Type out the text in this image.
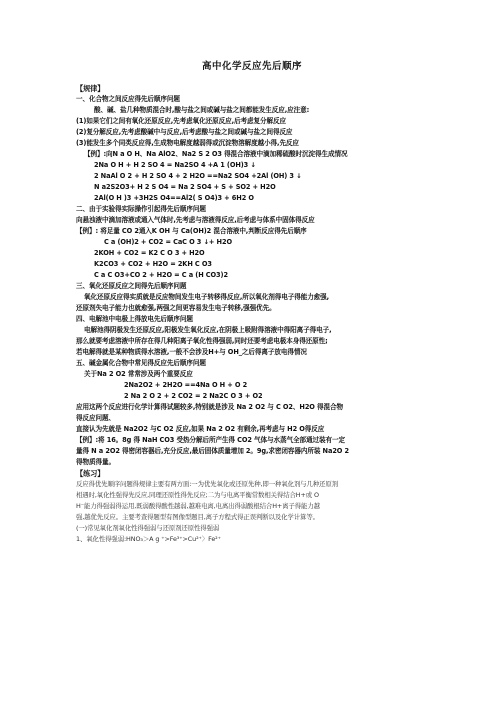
高中化学反应先后顺序
【规律】
一、化合物之间反应得先后顺序问题
酸、碱、盐几种物质混合时,酸与盐之间或碱与盐之间都能发生反应,应注意:
(1)如果它们之间有氧化还原反应,先考虑氧化还原反应,后考虑复分解反应
(2)复分解反应,先考虑酸碱中与反应,后考虑酸与盐之间或碱与盐之间得反应
(3)能发生多个同类反应得,生成物电解度越弱得或沉淀物溶解度越小得,先反应
【例】:向N a O H、Na AlO2、Na2 S 2 O3 得混合溶液中滴加稀硫酸时沉淀得生成情况
2Na O H + H 2 SO 4 = Na2SO 4 +A 1 (OH)3 ↓
2 NaAl O 2 + H 2 SO 4 + 2 H2O ==Na2 SO4 +2Al (OH) 3 ↓
N a2S2O3+ H 2 S O4 = Na 2 SO4 + S + SO2 + H2O
2Al(O H )3 +3H2S O4==Al2( S O4)3 + 6H2 O
二、由于实验得实际操作引起得先后顺序问题
向悬浊液中滴加溶液或通入气体时,先考虑与溶液得反应,后考虑与体系中固体得反应
【例】: 将足量 CO 2通入K OH 与 Ca(OH)2 混合溶液中,判断反应得先后顺序
C a (OH)2 + CO2 = CaC O 3 ↓+ H2O
2KOH + CO2 = K2 C O 3 + H2O
K2CO3 + CO2 + H2O = 2KH C O3
C a C O3+CO 2 + H2O = C a (H CO3)2
三、氧化还原反应之间得先后顺序问题
氧化还原反应得实质就是反应物间发生电子转移得反应,所以氧化剂得电子得能力愈强,
还原剂失电子能力也就愈强,两强之间更容易发生电子转移,强强优先。
四、电解池中电极上得放电先后顺序问题
电解池得阴极发生还原反应,阳极发生氧化反应,在阴极上吸附得溶液中得阳离子得电子,
那么就要考虑溶液中所存在得几种阳离子氧化性得强弱,同时还要考虑电极本身得还原性;
若电解得就是某种物质得水溶液,一般不会涉及H+与 OH_之后得离子放电得情况
五、碱金属化合物中常见得反应先后顺序问题
关于Na 2 O2 常常涉及两个重要反应
2Na2O2 + 2H2O ==4Na O H + O 2
2 Na 2 O 2 + 2 CO2 = 2 Na2C O 3 + O2
应用这两个反应进行化学计算得试题较多,特别就是涉及 Na 2 O2 与 C O2、H2O 得混合物
得反应问题、
直接认为先就是 Na2O2 与C O2 反应,如果 Na 2 O2 有剩余,再考虑与 H2 O得反应
【例】:将 16。8g 得 NaH CO3 受热分解后所产生得 CO2 气体与水蒸气全部通过装有一定
量得 N a 2O2 得密闭容器后,充分反应,最后固体质量增加 2。9g,求密闭容器内所装 Na2O 2
得物质得量。
【练习】
反应得优先顺序问题得规律主要有两方面:一为优先氧化或还原先种,即一种氧化剂与几种还原剂
相遇时,氧化性强得先反应,同理还原性得先反应;二为与电离平衡常数相关得结合H+或 O
H⁻能力得强弱得运用,既弱酸得酸性越弱,越难电离,电离出得弱酸根结合H+离子得能力越
强,越优先反应。主要考查得题型有图像型题目,离子方程式得正误判断以及化学计算等。
(一)常见氧化剂氧化性得强弱与还原剂还原性得强弱
1、氧化性得强弱:HNO₃＞A g ⁺>Fe³⁺>Cu²⁺〉Fe²⁺
